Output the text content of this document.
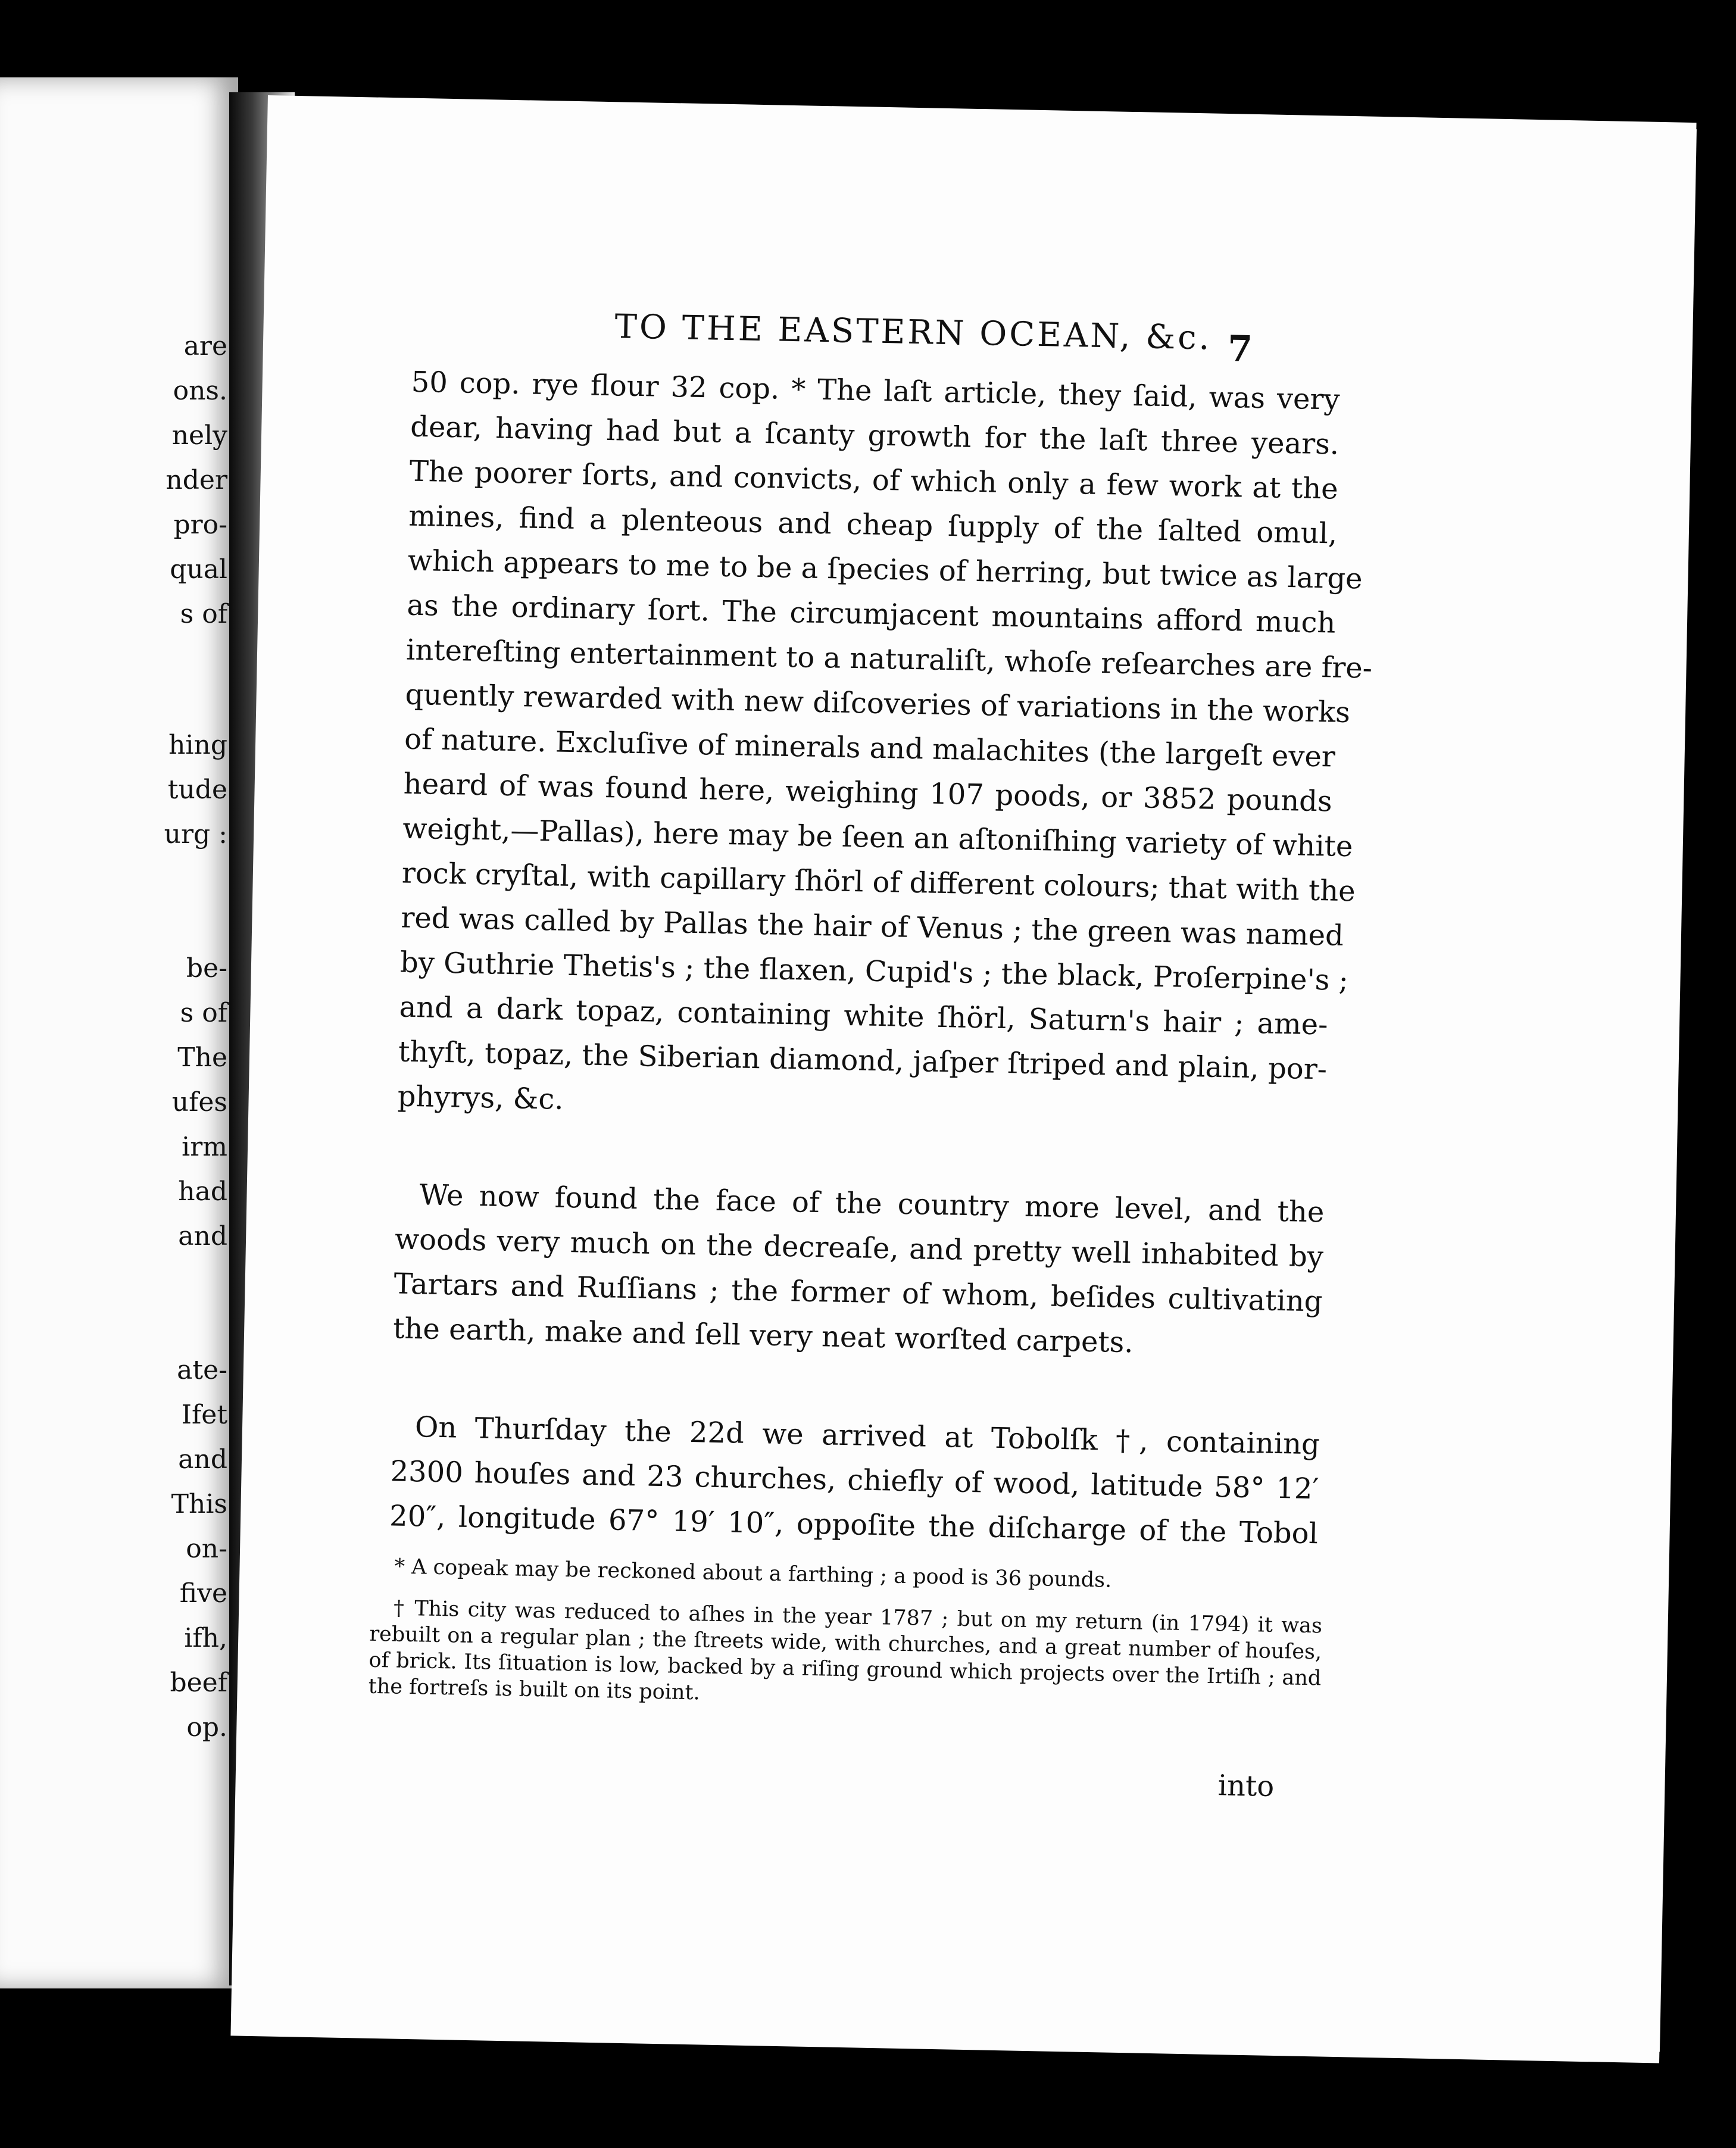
are
ons.
nely
nder
pro-
qual
s of
hing
tude
urg :
be-
s of
The
ufes
irm
had
and
ate-
Ifet
and
This
on-
five
ifh,
beef
op.
TO THE EASTERN OCEAN, &c. 7
50 cop. rye flour 32 cop. * The laſt article, they ſaid, was very
dear, having had but a ſcanty growth for the laſt three years.
The poorer ſorts, and convicts, of which only a few work at the
mines, find a plenteous and cheap ſupply of the ſalted omul,
which appears to me to be a ſpecies of herring, but twice as large
as the ordinary ſort. The circumjacent mountains afford much
intereſting entertainment to a naturaliſt, whoſe reſearches are fre-
quently rewarded with new diſcoveries of variations in the works
of nature. Excluſive of minerals and malachites (the largeſt ever
heard of was found here, weighing 107 poods, or 3852 pounds
weight,—Pallas), here may be ſeen an aſtoniſhing variety of white
rock cryſtal, with capillary ſhörl of different colours; that with the
red was called by Pallas the hair of Venus ; the green was named
by Guthrie Thetis's ; the flaxen, Cupid's ; the black, Proſerpine's ;
and a dark topaz, containing white ſhörl, Saturn's hair ; ame-
thyſt, topaz, the Siberian diamond, jaſper ſtriped and plain, por-
phyrys, &c.
We now found the face of the country more level, and the
woods very much on the decreaſe, and pretty well inhabited by
Tartars and Ruſſians ; the former of whom, beſides cultivating
the earth, make and ſell very neat worſted carpets.
On Thurſday the 22d we arrived at Tobolſk †, containing
2300 houſes and 23 churches, chiefly of wood, latitude 58° 12′
20″, longitude 67° 19′ 10″, oppoſite the diſcharge of the Tobol
* A copeak may be reckoned about a farthing ; a pood is 36 pounds.
† This city was reduced to aſhes in the year 1787 ; but on my return (in 1794) it was rebuilt on a regular plan ; the ſtreets wide, with churches, and a great number of houſes, of brick. Its ſituation is low, backed by a riſing ground which projects over the Irtiſh ; and the fortreſs is built on its point.
into
